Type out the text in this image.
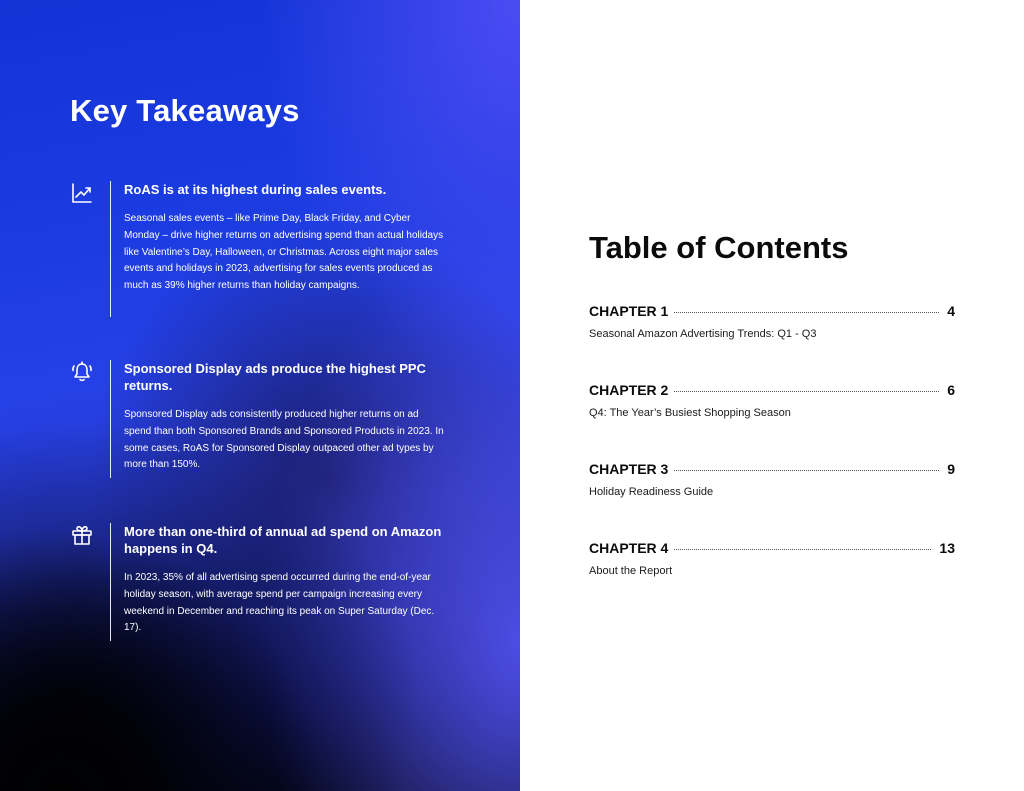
Key Takeaways
RoAS is at its highest during sales events.
Seasonal sales events – like Prime Day, Black Friday, and Cyber Monday – drive higher returns on advertising spend than actual holidays like Valentine’s Day, Halloween, or Christmas. Across eight major sales events and holidays in 2023, advertising for sales events produced as much as 39% higher returns than holiday campaigns.
Sponsored Display ads produce the highest PPC returns.
Sponsored Display ads consistently produced higher returns on ad spend than both Sponsored Brands and Sponsored Products in 2023. In some cases, RoAS for Sponsored Display outpaced other ad types by more than 150%.
More than one-third of annual ad spend on Amazon happens in Q4.
In 2023, 35% of all advertising spend occurred during the end-of-year holiday season, with average spend per campaign increasing every weekend in December and reaching its peak on Super Saturday (Dec. 17).
Table of Contents
CHAPTER 1	4
Seasonal Amazon Advertising Trends: Q1 - Q3
CHAPTER 2	6
Q4: The Year’s Busiest Shopping Season
CHAPTER 3	9
Holiday Readiness Guide
CHAPTER 4	13
About the Report
